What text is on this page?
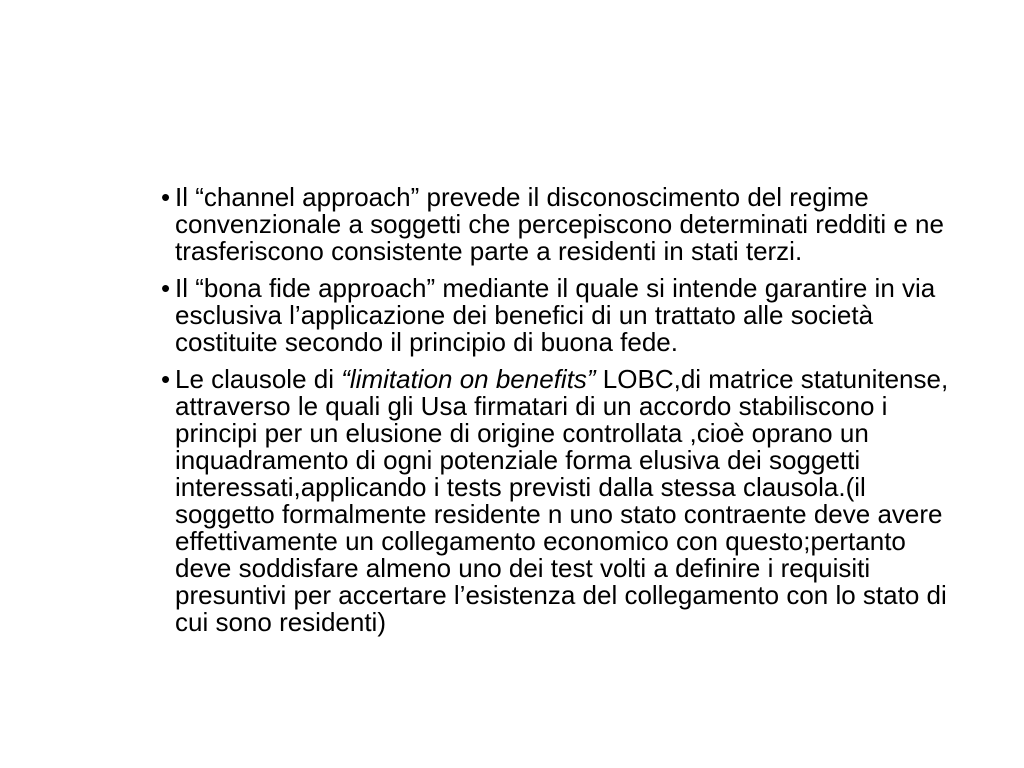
• Il “channel approach” prevede il disconoscimento del regime
convenzionale a soggetti che percepiscono determinati redditi e ne
trasferiscono consistente parte a residenti in stati terzi.
• Il “bona fide approach” mediante il quale si intende garantire in via
esclusiva l’applicazione dei benefici di un trattato alle società
costituite secondo il principio di buona fede.
• Le clausole di “limitation on benefits” LOBC,di matrice statunitense,
attraverso le quali gli Usa firmatari di un accordo stabiliscono i
principi per un elusione di origine controllata ,cioè oprano un
inquadramento di ogni potenziale forma elusiva dei soggetti
interessati,applicando i tests previsti dalla stessa clausola.(il
soggetto formalmente residente n uno stato contraente deve avere
effettivamente un collegamento economico con questo;pertanto
deve soddisfare almeno uno dei test volti a definire i requisiti
presuntivi per accertare l’esistenza del collegamento con lo stato di
cui sono residenti)
